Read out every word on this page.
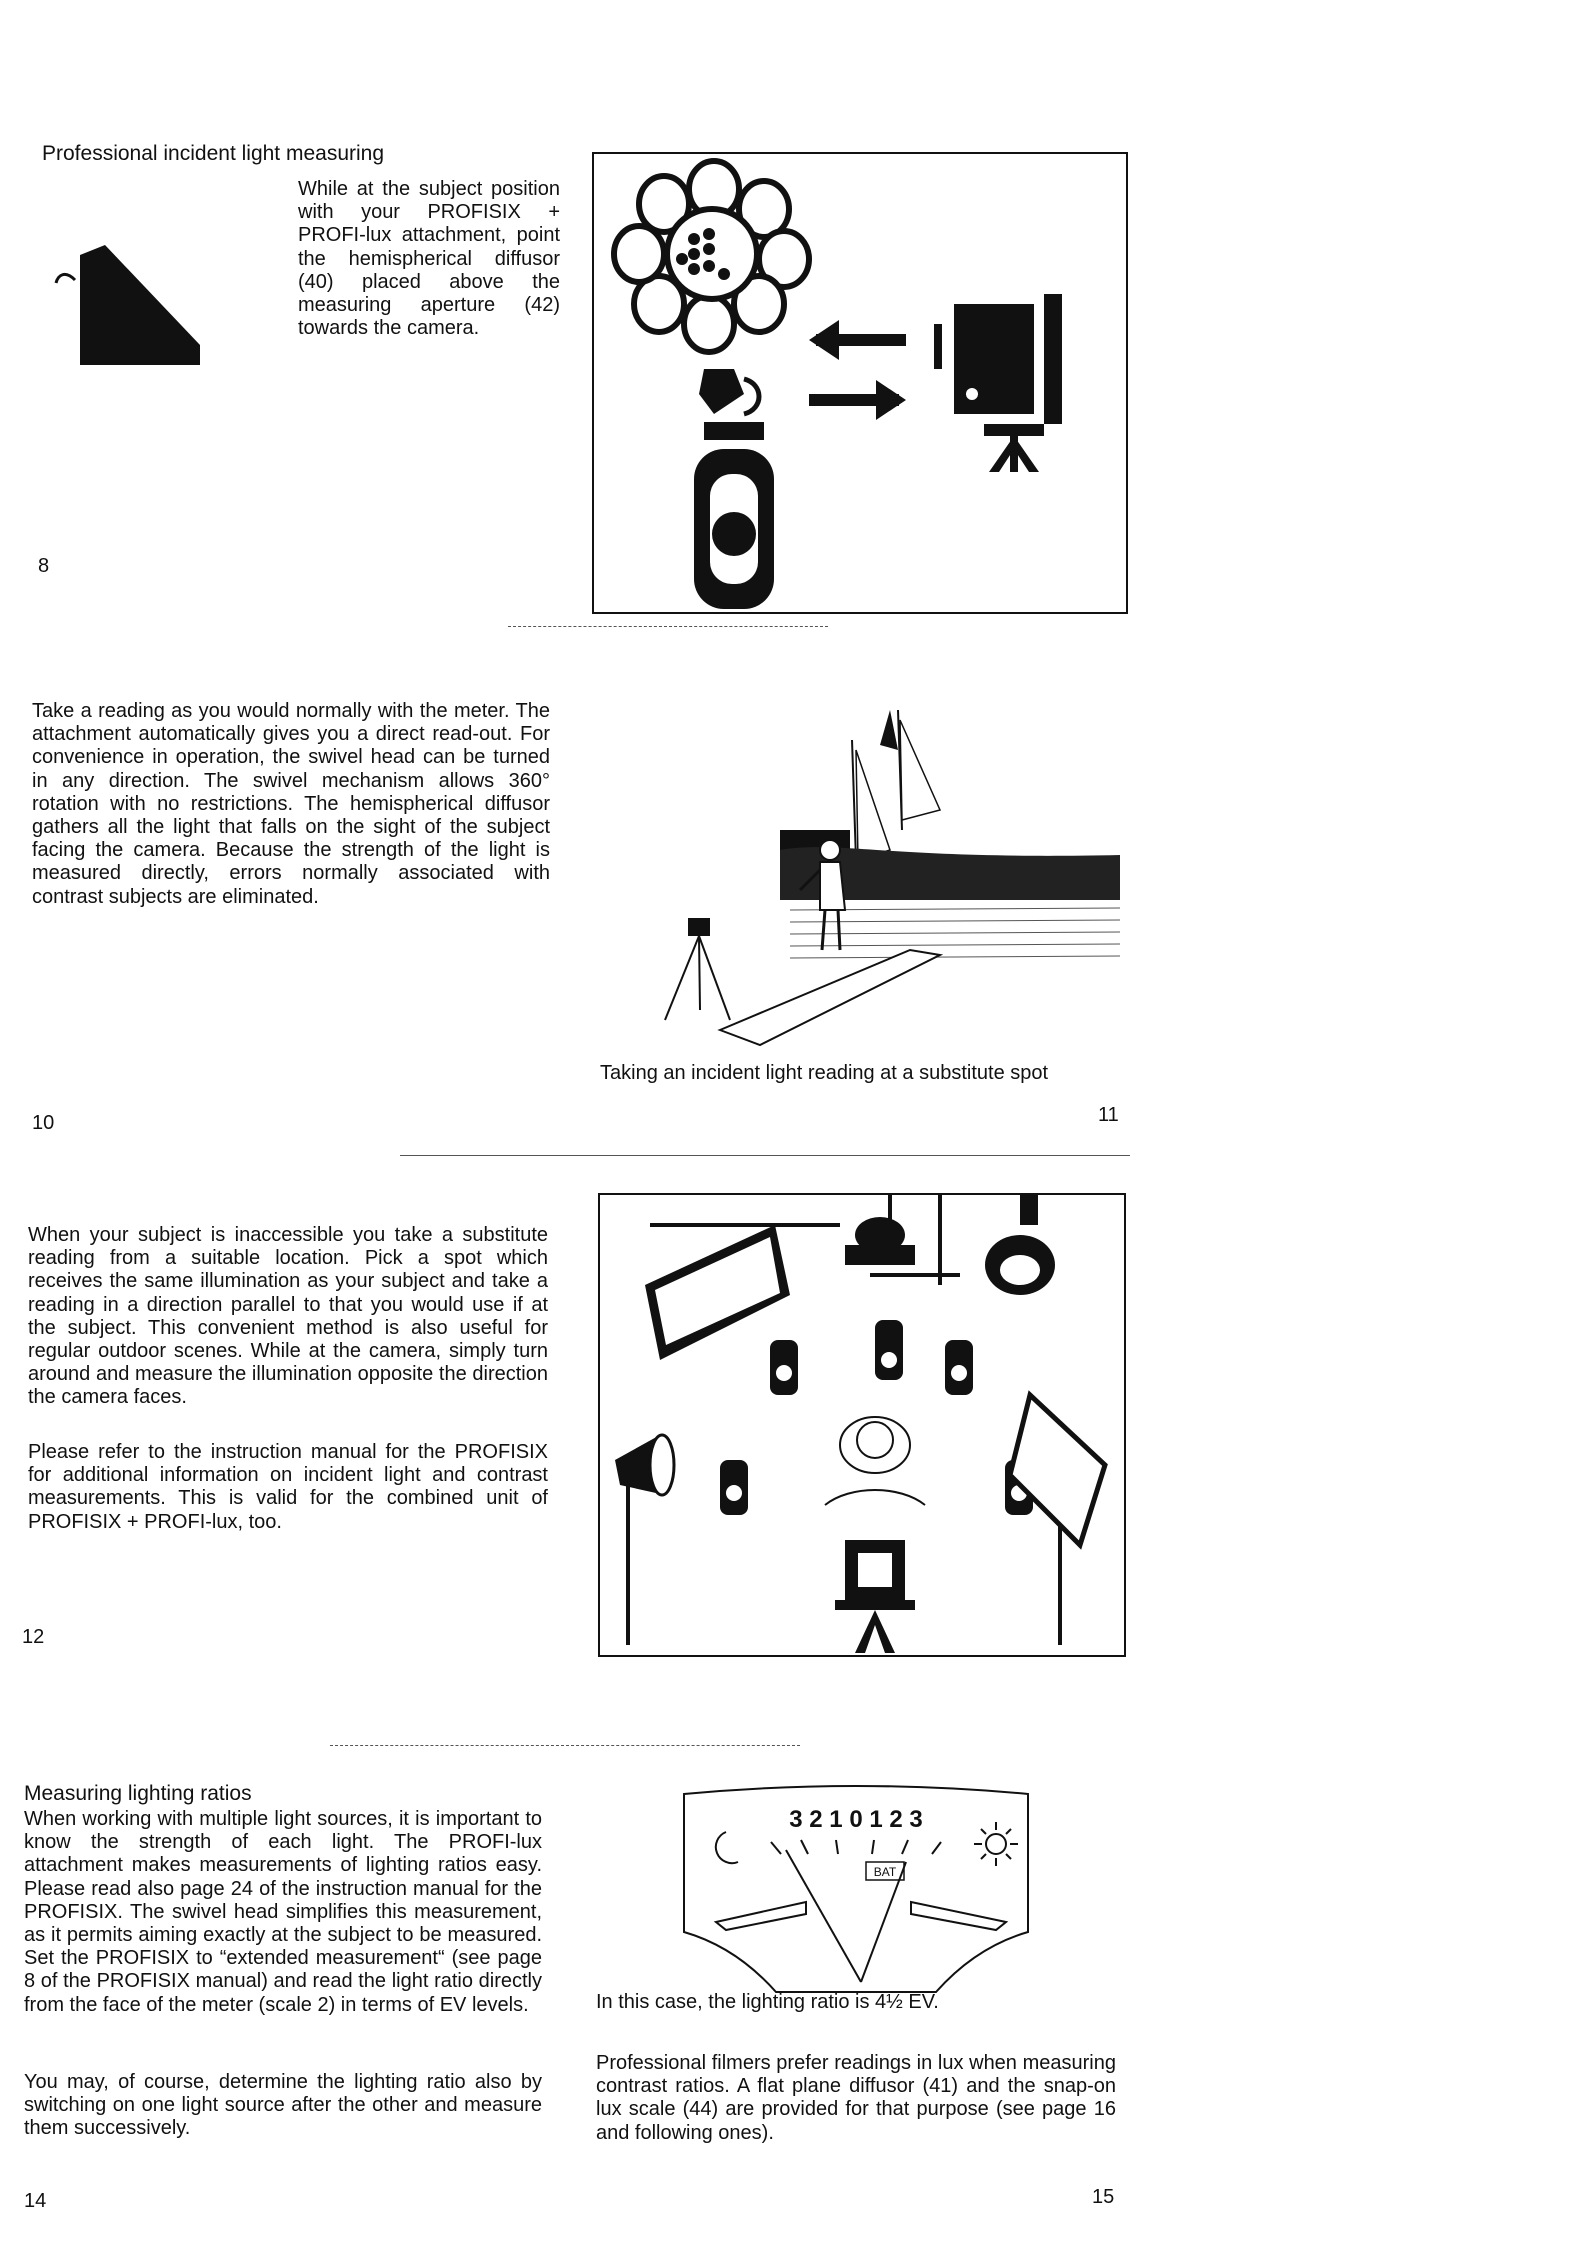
Professional incident light measuring
While at the subject position with your PROFISIX + PROFI-lux attachment, point the hemispherical diffusor (40) placed above the measuring aperture (42) towards the camera.
8
Take a reading as you would normally with the meter. The attachment automatically gives you a direct read-out. For convenience in operation, the swivel head can be turned in any direction. The swivel mechanism allows 360° rotation with no restrictions. The hemispherical diffusor gathers all the light that falls on the sight of the subject facing the camera. Because the strength of the light is measured directly, errors normally associated with contrast subjects are eliminated.
Taking an incident light reading at a substitute spot
10	11
When your subject is inaccessible you take a substitute reading from a suitable location. Pick a spot which receives the same illumination as your subject and take a reading in a direction parallel to that you would use if at the subject. This convenient method is also useful for regular outdoor scenes. While at the camera, simply turn around and measure the illumination opposite the direction the camera faces.
Please refer to the instruction manual for the PROFISIX for additional information on incident light and contrast measurements. This is valid for the combined unit of PROFISIX + PROFI-lux, too.
12
Measuring lighting ratios
When working with multiple light sources, it is important to know the strength of each light. The PROFI-lux attachment makes measurements of lighting ratios easy. Please read also page 24 of the instruction manual for the PROFISIX. The swivel head simplifies this measurement, as it permits aiming exactly at the subject to be measured. Set the PROFISIX to “extended measurement“ (see page 8 of the PROFISIX manual) and read the light ratio directly from the face of the meter (scale 2) in terms of EV levels.
You may, of course, determine the lighting ratio also by switching on one light source after the other and measure them successively.
3 2 1 0 1 2 3
BAT
In this case, the lighting ratio is 4½ EV.
Professional filmers prefer readings in lux when measuring contrast ratios. A flat plane diffusor (41) and the snap-on lux scale (44) are provided for that purpose (see page 16 and following ones).
14	15
